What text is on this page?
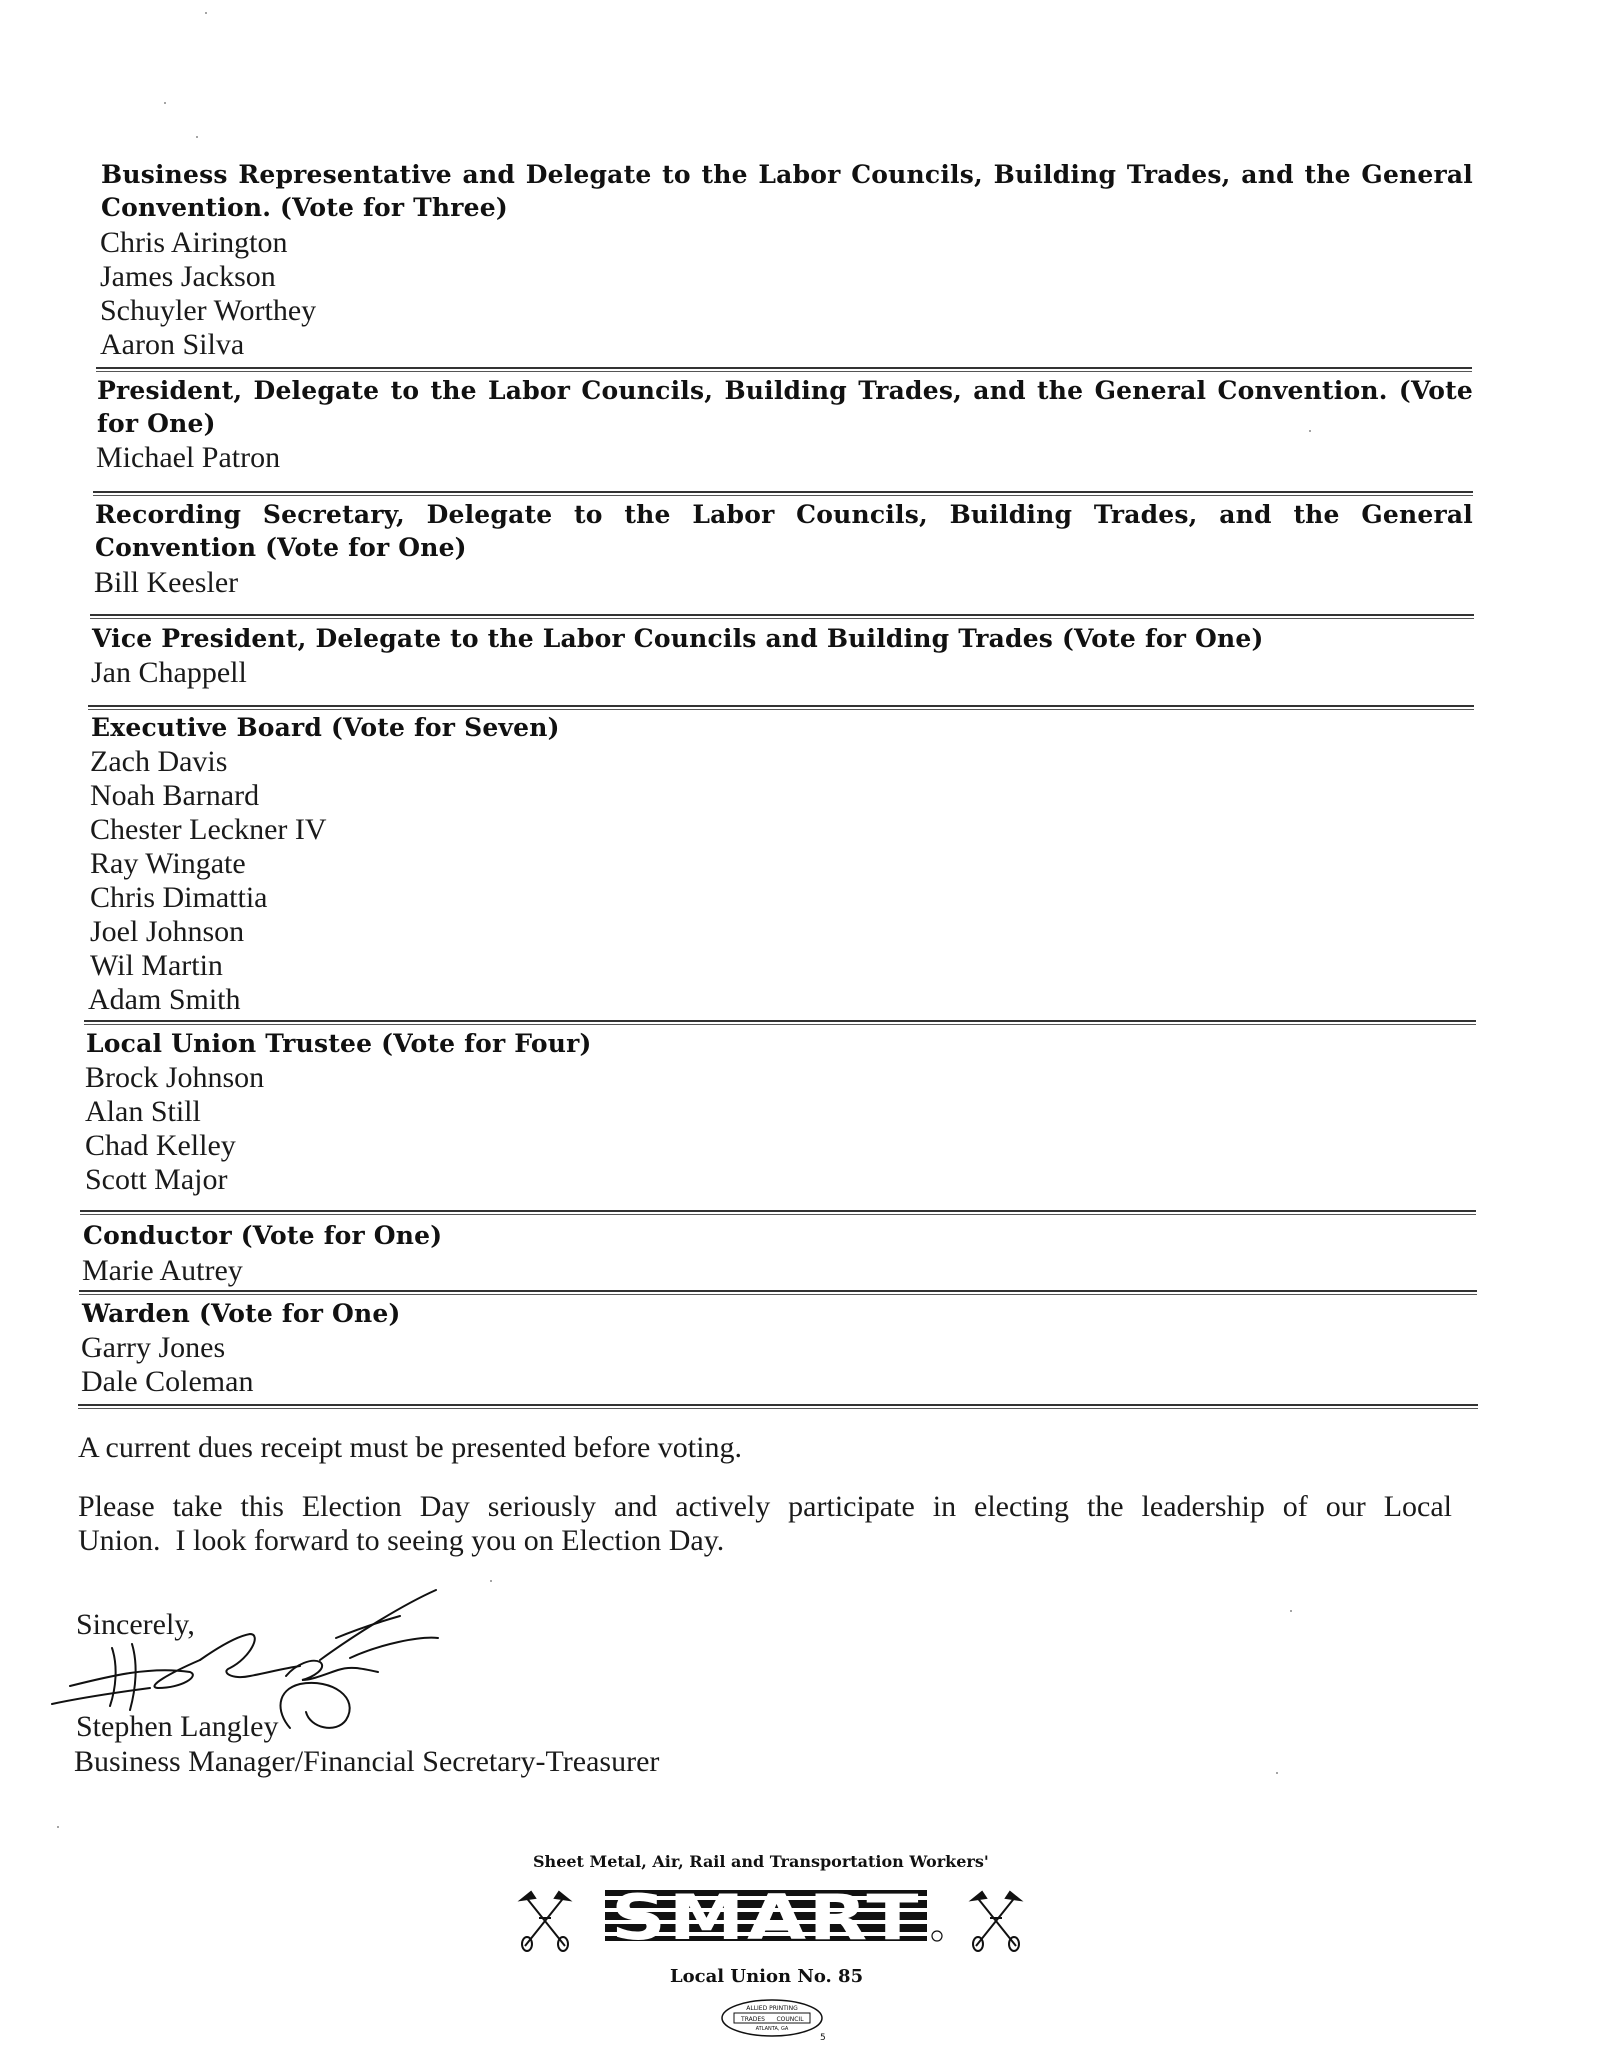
Business Representative and Delegate to the Labor Councils, Building Trades, and the General
Convention. (Vote for Three)
Chris Airington
James Jackson
Schuyler Worthey
Aaron Silva
President, Delegate to the Labor Councils, Building Trades, and the General Convention. (Vote
for One)
Michael Patron
Recording Secretary, Delegate to the Labor Councils, Building Trades, and the General
Convention (Vote for One)
Bill Keesler
Vice President, Delegate to the Labor Councils and Building Trades (Vote for One)
Jan Chappell
Executive Board (Vote for Seven)
Zach Davis
Noah Barnard
Chester Leckner IV
Ray Wingate
Chris Dimattia
Joel Johnson
Wil Martin
Adam Smith
Local Union Trustee (Vote for Four)
Brock Johnson
Alan Still
Chad Kelley
Scott Major
Conductor (Vote for One)
Marie Autrey
Warden (Vote for One)
Garry Jones
Dale Coleman
A current dues receipt must be presented before voting.
Please take this Election Day seriously and actively participate in electing the leadership of our Local
Union.  I look forward to seeing you on Election Day.
Sincerely,
Stephen Langley
Business Manager/Financial Secretary-Treasurer
Sheet Metal, Air, Rail and Transportation Workers'
SMART
Local Union No. 85
ALLIED PRINTING
TRADES COUNCIL
ATLANTA, GA
5
